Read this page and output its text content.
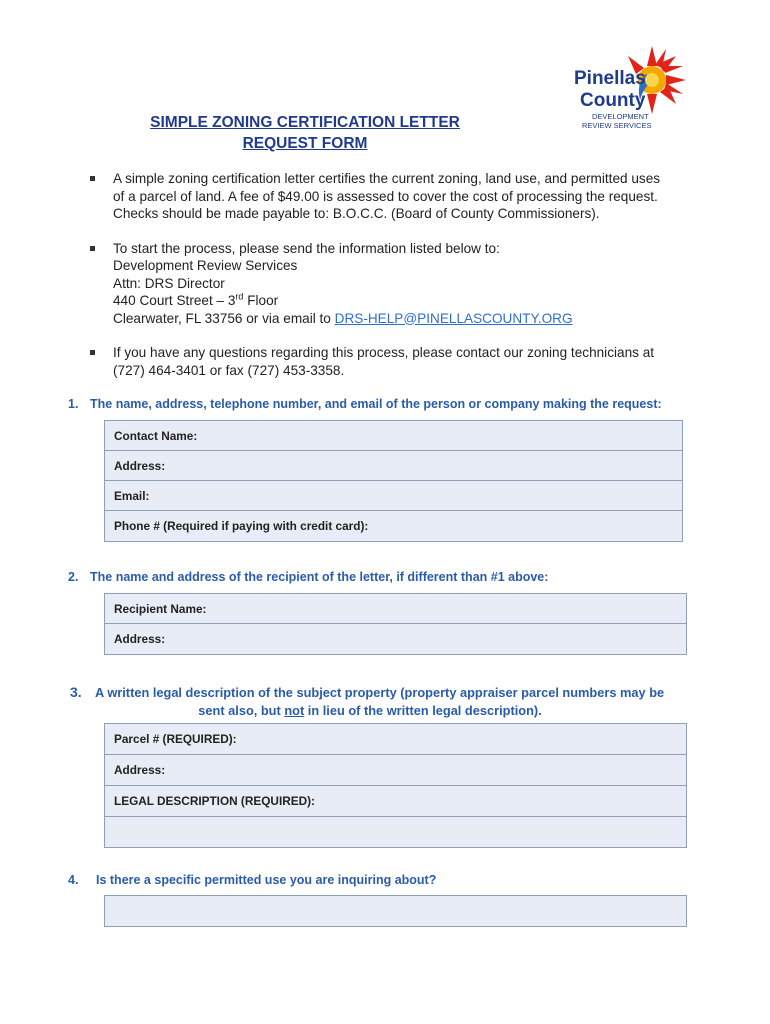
Pinellas
County
DEVELOPMENT
REVIEW SERVICES
SIMPLE ZONING CERTIFICATION LETTER
REQUEST FORM

A simple zoning certification letter certifies the current zoning, land use, and permitted uses

of a parcel of land. A fee of $49.00 is assessed to cover the cost of processing the request.

Checks should be made payable to: B.O.C.C. (Board of County Commissioners).

To start the process, please send the information listed below to:

Development Review Services

Attn: DRS Director

440 Court Street – 3rd Floor

Clearwater, FL 33756 or via email to DRS-HELP@PINELLASCOUNTY.ORG

If you have any questions regarding this process, please contact our zoning technicians at

(727) 464-3401 or fax (727) 453-3358.

1. The name, address, telephone number, and email of the person or company making the request:
Contact Name:
Address:
Email:
Phone # (Required if paying with credit card):
2. The name and address of the recipient of the letter, if different than #1 above:
Recipient Name:
Address:
3. A written legal description of the subject property (property appraiser parcel numbers may be
sent also, but not in lieu of the written legal description).
Parcel # (REQUIRED):
Address:
LEGAL DESCRIPTION (REQUIRED):
4. Is there a specific permitted use you are inquiring about?
